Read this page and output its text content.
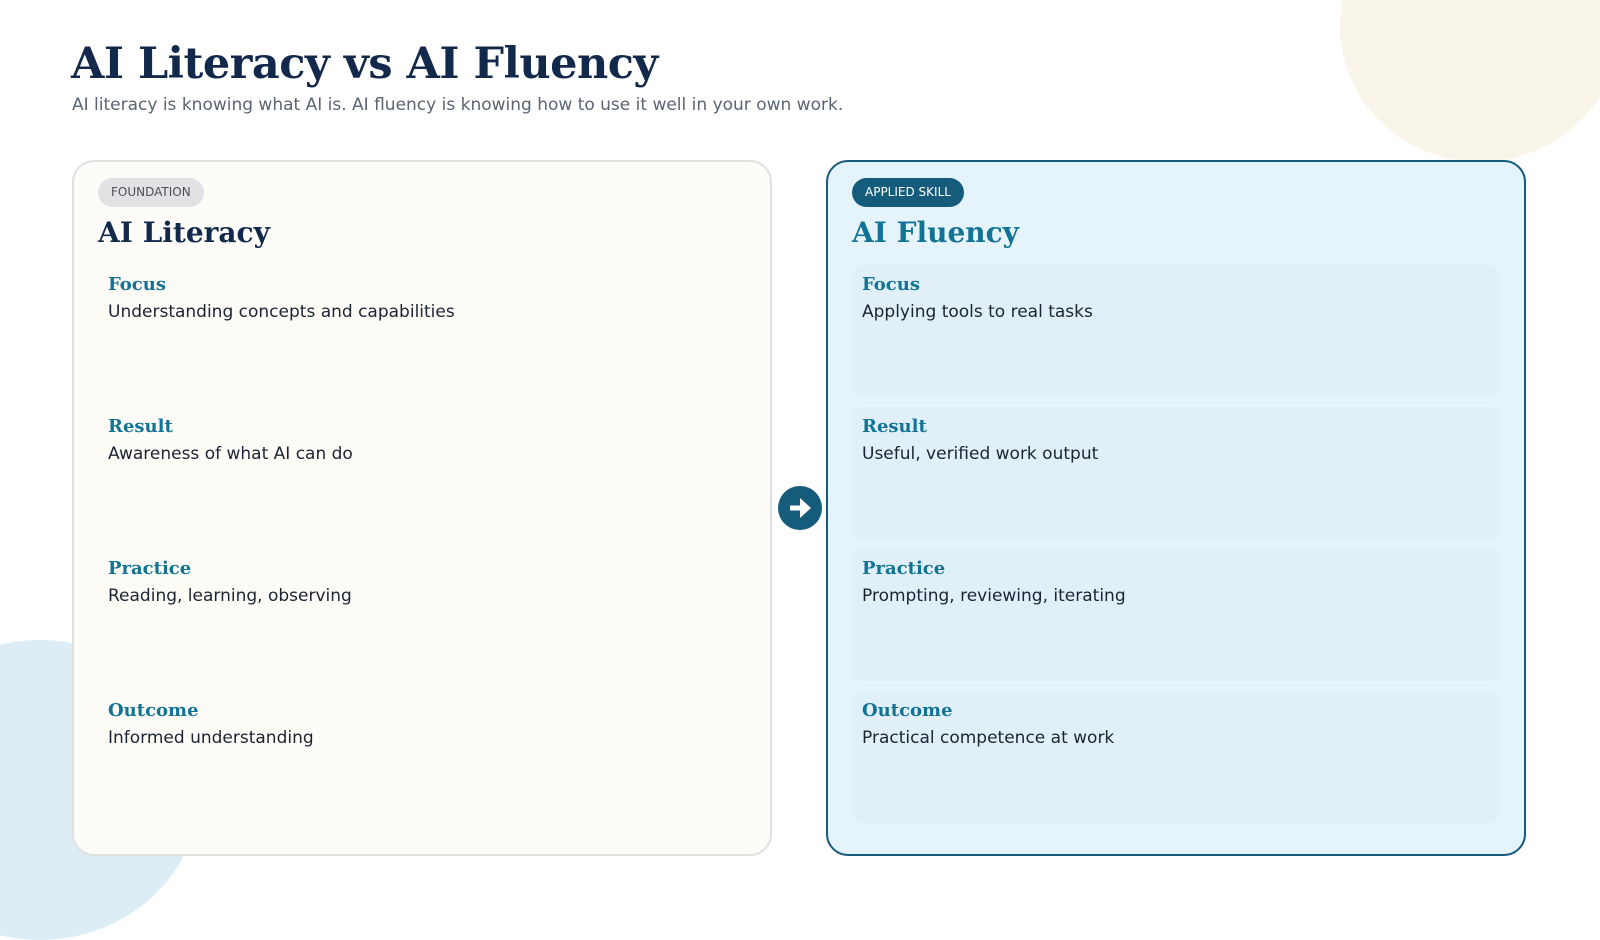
AI Literacy vs AI Fluency

AI literacy is knowing what AI is. AI fluency is knowing how to use it well in your own work.

FOUNDATION
AI Literacy
Focus
Understanding concepts and capabilities
Result
Awareness of what AI can do
Practice
Reading, learning, observing
Outcome
Informed understanding
APPLIED SKILL
AI Fluency
Focus
Applying tools to real tasks
Result
Useful, verified work output
Practice
Prompting, reviewing, iterating
Outcome
Practical competence at work
